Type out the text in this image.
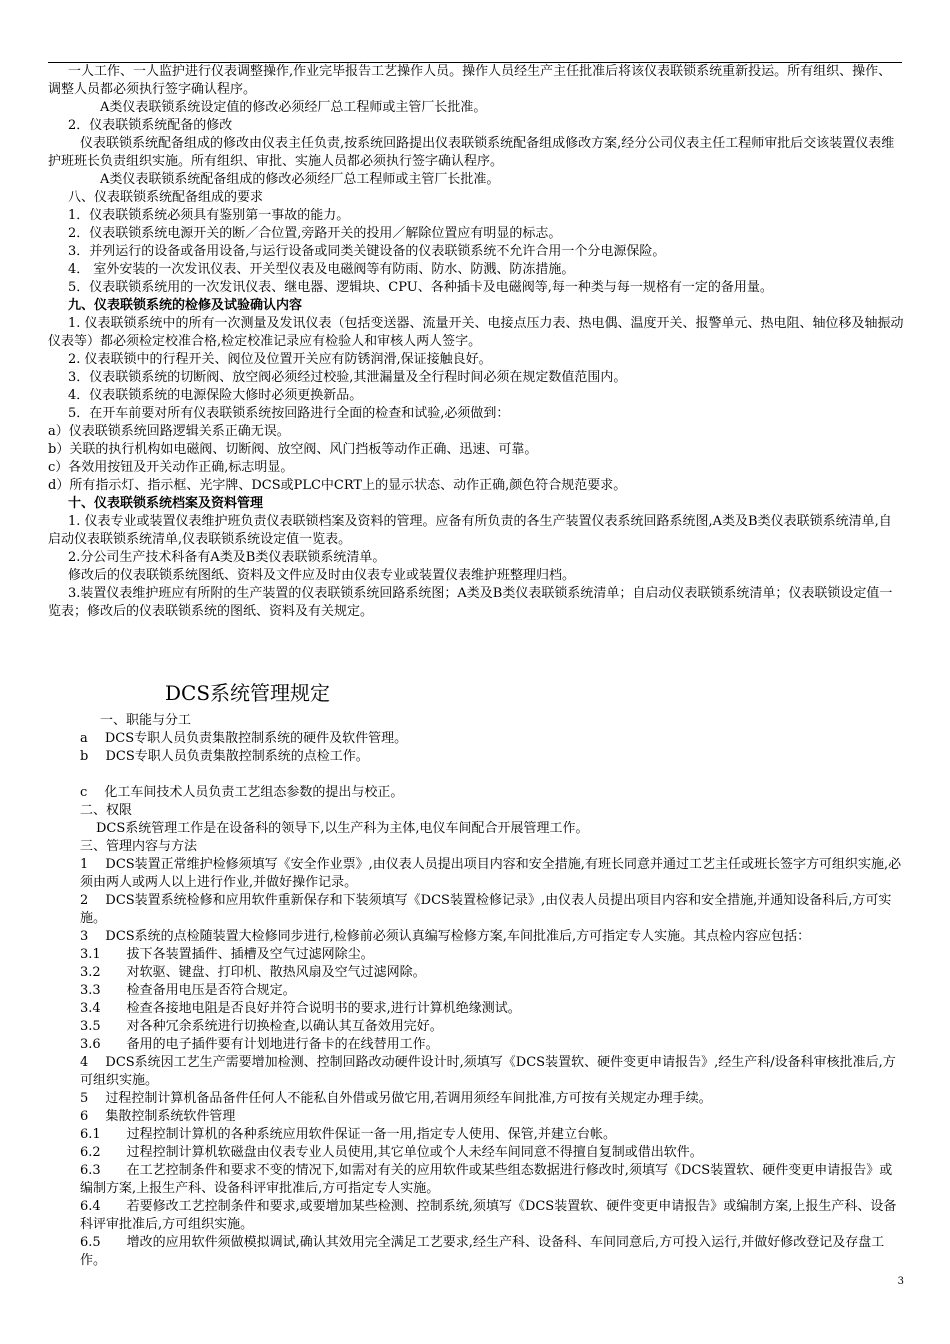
一人工作、一人监护进行仪表调整操作,作业完毕报告工艺操作人员。操作人员经生产主任批准后将该仪表联锁系统重新投运。所有组织、操作、调整人员都必须执行签字确认程序。

A类仪表联锁系统设定值的修改必须经厂总工程师或主管厂长批准。

2．仪表联锁系统配备的修改

仪表联锁系统配备组成的修改由仪表主任负责,按系统回路提出仪表联锁系统配备组成修改方案,经分公司仪表主任工程师审批后交该装置仪表维护班班长负责组织实施。所有组织、审批、实施人员都必须执行签字确认程序。

A类仪表联锁系统配备组成的修改必须经厂总工程师或主管厂长批准。

八、仪表联锁系统配备组成的要求

1．仪表联锁系统必须具有鉴别第一事故的能力。

2．仪表联锁系统电源开关的断／合位置,旁路开关的投用／解除位置应有明显的标志。

3．并列运行的设备或备用设备,与运行设备或同类关键设备的仪表联锁系统不允许合用一个分电源保险。

4． 室外安装的一次发讯仪表、开关型仪表及电磁阀等有防雨、防水、防溅、防冻措施。

5．仪表联锁系统用的一次发讯仪表、继电器、逻辑块、CPU、各种插卡及电磁阀等,每一种类与每一规格有一定的备用量。

九、仪表联锁系统的检修及试验确认内容

1. 仪表联锁系统中的所有一次测量及发讯仪表（包括变送器、流量开关、电接点压力表、热电偶、温度开关、报警单元、热电阻、轴位移及轴振动仪表等）都必须检定校准合格,检定校准记录应有检验人和审核人两人签字。

2. 仪表联锁中的行程开关、阀位及位置开关应有防锈润滑,保证接触良好。

3．仪表联锁系统的切断阀、放空阀必须经过校验,其泄漏量及全行程时间必须在规定数值范围内。

4．仪表联锁系统的电源保险大修时必须更换新品。

5．在开车前要对所有仪表联锁系统按回路进行全面的检查和试验,必须做到：

a）仪表联锁系统回路逻辑关系正确无误。

b）关联的执行机构如电磁阀、切断阀、放空阀、风门挡板等动作正确、迅速、可靠。

c）各效用按钮及开关动作正确,标志明显。

d）所有指示灯、指示框、光字牌、DCS或PLC中CRT上的显示状态、动作正确,颜色符合规范要求。

十、仪表联锁系统档案及资料管理

1. 仪表专业或装置仪表维护班负责仪表联锁档案及资料的管理。应备有所负责的各生产装置仪表系统回路系统图,A类及B类仪表联锁系统清单,自启动仪表联锁系统清单,仪表联锁系统设定值一览表。

2.分公司生产技术科备有A类及B类仪表联锁系统清单。

修改后的仪表联锁系统图纸、资料及文件应及时由仪表专业或装置仪表维护班整理归档。

3.装置仪表维护班应有所附的生产装置的仪表联锁系统回路系统图；A类及B类仪表联锁系统清单；自启动仪表联锁系统清单；仪表联锁设定值一览表；修改后的仪表联锁系统的图纸、资料及有关规定。

DCS系统管理规定

一、职能与分工

a　 DCS专职人员负责集散控制系统的硬件及软件管理。

b　 DCS专职人员负责集散控制系统的点检工作。

c　 化工车间技术人员负责工艺组态参数的提出与校正。

二、权限

DCS系统管理工作是在设备科的领导下,以生产科为主体,电仪车间配合开展管理工作。

三、管理内容与方法

1　 DCS装置正常维护检修须填写《安全作业票》,由仪表人员提出项目内容和安全措施,有班长同意并通过工艺主任或班长签字方可组织实施,必须由两人或两人以上进行作业,并做好操作记录。

2　 DCS装置系统检修和应用软件重新保存和下装须填写《DCS装置检修记录》,由仪表人员提出项目内容和安全措施,并通知设备科后,方可实施。

3　 DCS系统的点检随装置大检修同步进行,检修前必须认真编写检修方案,车间批准后,方可指定专人实施。其点检内容应包括：

3.1　　拔下各装置插件、插槽及空气过滤网除尘。

3.2　　对软驱、键盘、打印机、散热风扇及空气过滤网除。

3.3　　检查备用电压是否符合规定。

3.4　　检查各接地电阻是否良好并符合说明书的要求,进行计算机绝缘测试。

3.5　　对各种冗余系统进行切换检查,以确认其互备效用完好。

3.6　　备用的电子插件要有计划地进行备卡的在线替用工作。

4　 DCS系统因工艺生产需要增加检测、控制回路改动硬件设计时,须填写《DCS装置软、硬件变更申请报告》,经生产科/设备科审核批准后,方可组织实施。

5　 过程控制计算机备品备件任何人不能私自外借或另做它用,若调用须经车间批准,方可按有关规定办理手续。

6　 集散控制系统软件管理

6.1　　过程控制计算机的各种系统应用软件保证一备一用,指定专人使用、保管,并建立台帐。

6.2　　过程控制计算机软磁盘由仪表专业人员使用,其它单位或个人未经车间同意不得擅自复制或借出软件。

6.3　　在工艺控制条件和要求不变的情况下,如需对有关的应用软件或某些组态数据进行修改时,须填写《DCS装置软、硬件变更申请报告》或编制方案,上报生产科、设备科评审批准后,方可指定专人实施。

6.4　　若要修改工艺控制条件和要求,或要增加某些检测、控制系统,须填写《DCS装置软、硬件变更申请报告》或编制方案,上报生产科、设备科评审批准后,方可组织实施。

6.5　　增改的应用软件须做模拟调试,确认其效用完全满足工艺要求,经生产科、设备科、车间同意后,方可投入运行,并做好修改登记及存盘工作。

3
